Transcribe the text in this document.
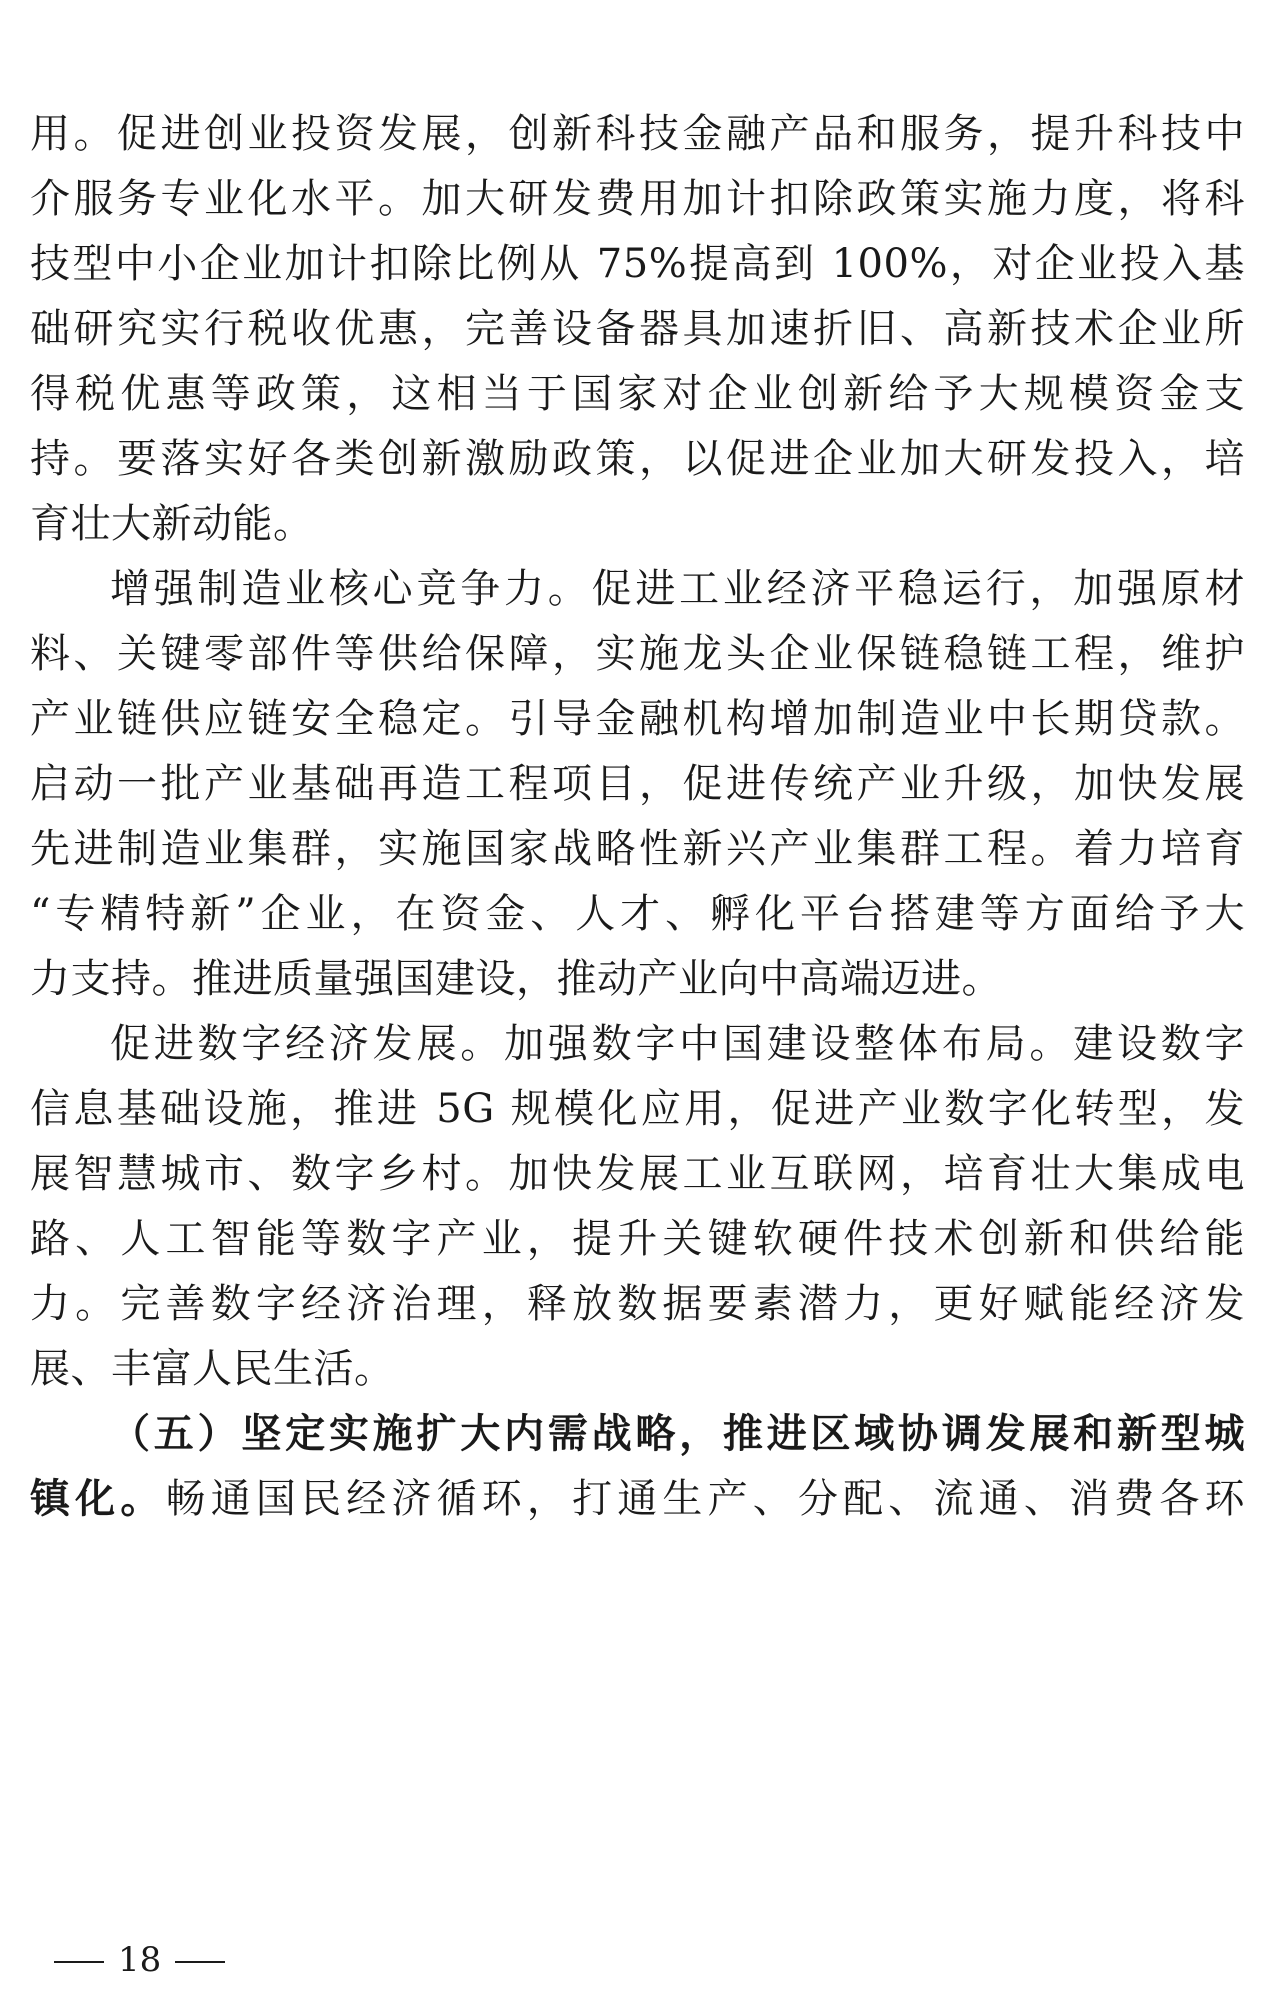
用。促进创业投资发展，创新科技金融产品和服务，提升科技中
介服务专业化水平。加大研发费用加计扣除政策实施力度，将科
技型中小企业加计扣除比例从 75%提高到 100%，对企业投入基
础研究实行税收优惠，完善设备器具加速折旧、高新技术企业所
得税优惠等政策，这相当于国家对企业创新给予大规模资金支
持。要落实好各类创新激励政策，以促进企业加大研发投入，培
育壮大新动能。
增强制造业核心竞争力。促进工业经济平稳运行，加强原材
料、关键零部件等供给保障，实施龙头企业保链稳链工程，维护
产业链供应链安全稳定。引导金融机构增加制造业中长期贷款。
启动一批产业基础再造工程项目，促进传统产业升级，加快发展
先进制造业集群，实施国家战略性新兴产业集群工程。着力培育
“专精特新”企业，在资金、人才、孵化平台搭建等方面给予大
力支持。推进质量强国建设，推动产业向中高端迈进。
促进数字经济发展。加强数字中国建设整体布局。建设数字
信息基础设施，推进 5G 规模化应用，促进产业数字化转型，发
展智慧城市、数字乡村。加快发展工业互联网，培育壮大集成电
路、人工智能等数字产业，提升关键软硬件技术创新和供给能
力。完善数字经济治理，释放数据要素潜力，更好赋能经济发
展、丰富人民生活。
（五）坚定实施扩大内需战略，推进区域协调发展和新型城
镇化。畅通国民经济循环，打通生产、分配、流通、消费各环
18
